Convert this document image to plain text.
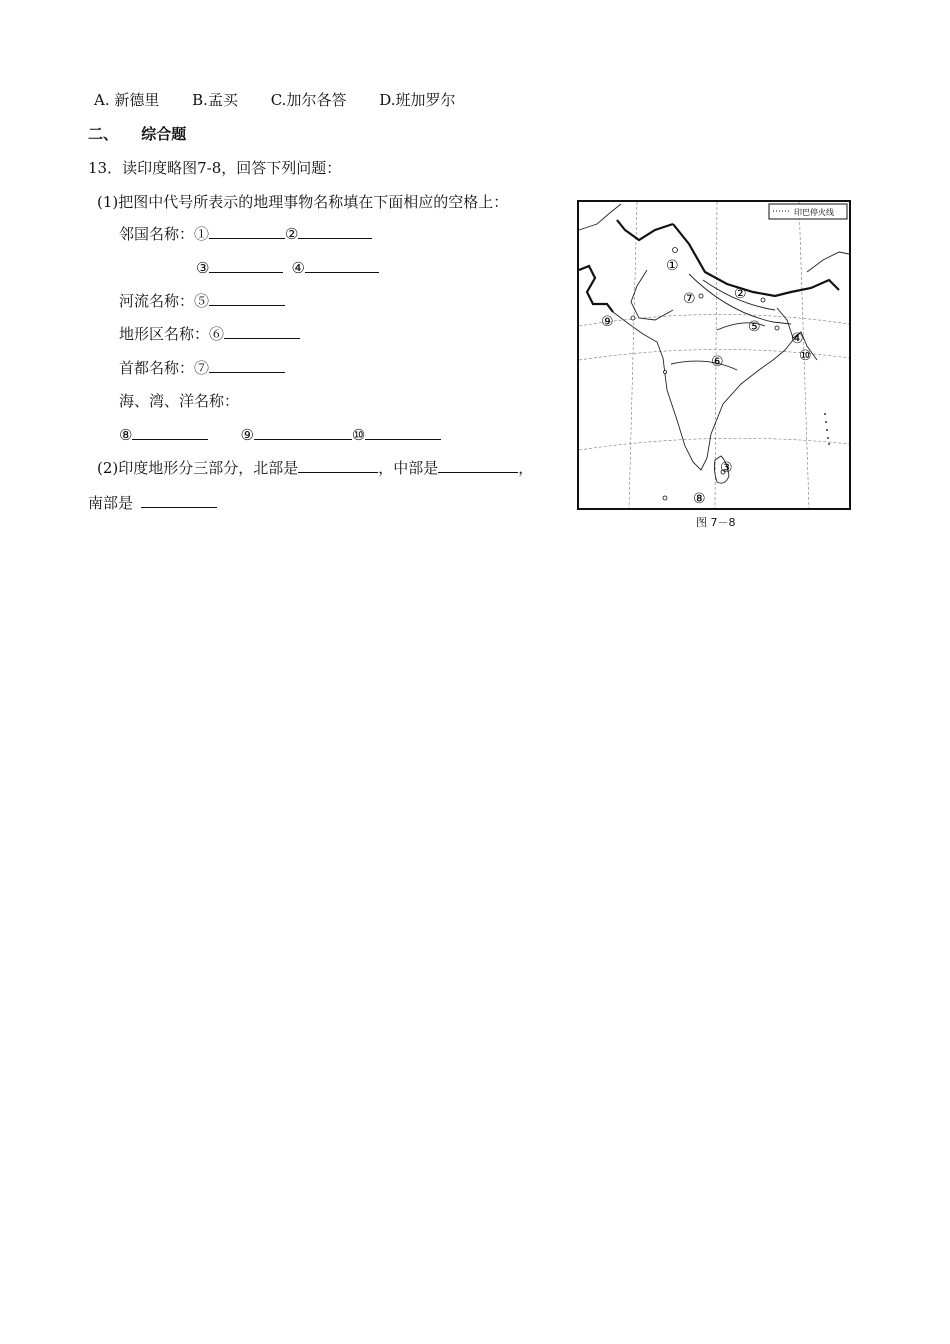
A. 新德里 B.孟买 C.加尔各答 D.班加罗尔
二、 综合题
13．读印度略图7-8，回答下列问题：
(1)把图中代号所表示的地理事物名称填在下面相应的空格上：
邻国名称：①	②
③	④
河流名称：⑤
地形区名称：⑥
首都名称：⑦
海、湾、洋名称：
⑧	⑨	⑩
(2)印度地形分三部分，北部是	，中部是	，
南部是
印巴停火线
①
②
③
④
⑤
⑥
⑦
⑧
⑨
⑩
图 7－8
